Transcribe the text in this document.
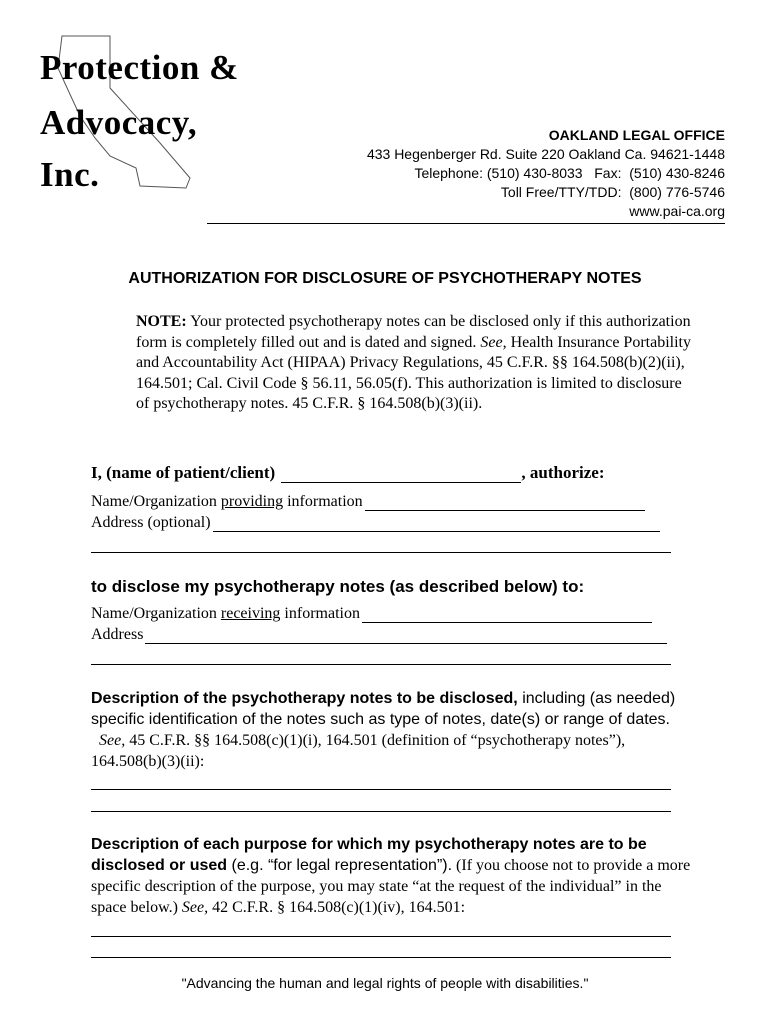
Protection &
Advocacy,
Inc.
OAKLAND LEGAL OFFICE
433 Hegenberger Rd. Suite 220 Oakland Ca. 94621-1448
Telephone: (510) 430-8033   Fax:  (510) 430-8246
Toll Free/TTY/TDD:  (800) 776-5746
www.pai-ca.org
AUTHORIZATION FOR DISCLOSURE OF PSYCHOTHERAPY NOTES
NOTE: Your protected psychotherapy notes can be disclosed only if this authorization form is completely filled out and is dated and signed. See, Health Insurance Portability and Accountability Act (HIPAA) Privacy Regulations, 45 C.F.R. §§ 164.508(b)(2)(ii), 164.501; Cal. Civil Code § 56.11, 56.05(f). This authorization is limited to disclosure of psychotherapy notes. 45 C.F.R. § 164.508(b)(3)(ii).
I, (name of patient/client)	, authorize:
Name/Organization providing information
Address (optional)
to disclose my psychotherapy notes (as described below) to:
Name/Organization receiving information
Address
Description of the psychotherapy notes to be disclosed, including (as needed) specific identification of the notes such as type of notes, date(s) or range of dates.  See, 45 C.F.R. §§ 164.508(c)(1)(i), 164.501 (definition of “psychotherapy notes”), 164.508(b)(3)(ii):
Description of each purpose for which my psychotherapy notes are to be disclosed or used (e.g. “for legal representation”). (If you choose not to provide a more specific description of the purpose, you may state “at the request of the individual” in the space below.) See, 42 C.F.R. § 164.508(c)(1)(iv), 164.501:
"Advancing the human and legal rights of people with disabilities."
